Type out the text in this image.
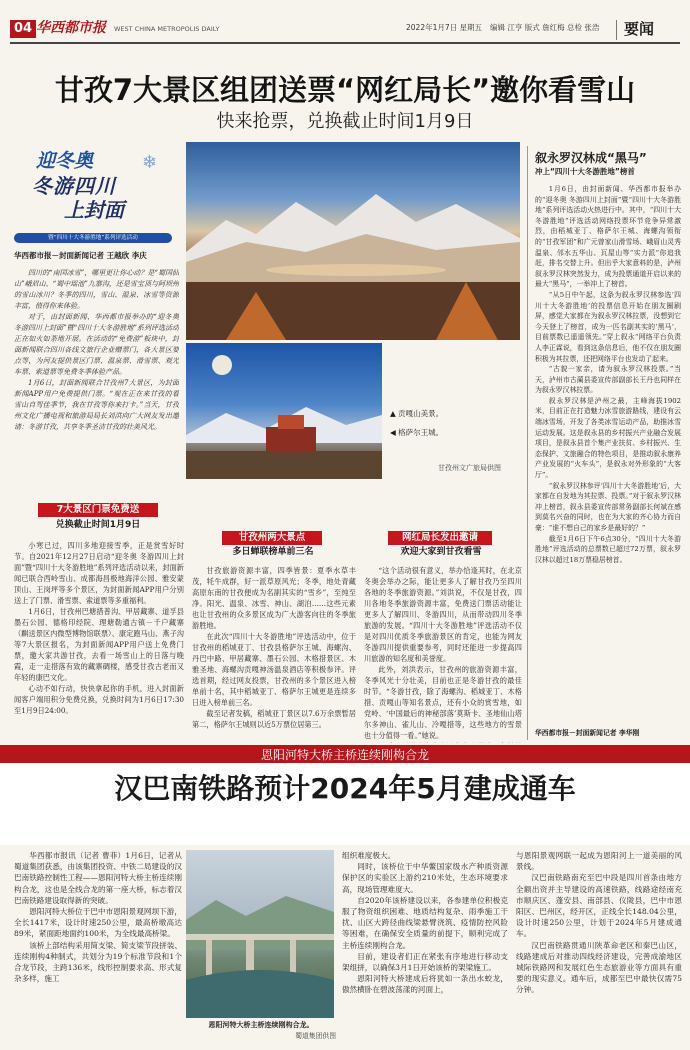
04 华西都市报 WEST CHINA METROPOLIS DAILY	2022年1月7日 星期五 编辑 江亨 版式 詹红梅 总检 张浩 要闻
甘孜7大景区组团送票“网红局长”邀你看雪山
快来抢票，兑换截止时间1月9日
迎冬奥
冬游四川
上封面
❄
暨“四川十大冬游胜地”系列评选活动
华西都市报－封面新闻记者 王越欣 李庆

四川的“南国冰雪”，哪里更让你心动？是“蜀国仙山”峨眉山、“蜀中瑶池”九寨沟，还是雪宝顶与阿坝州的雪山冰川？冬季的四川，雪山、温泉、冰雪等资源丰富，值得你来体验。

对于，由封面新闻、华西都市报举办的“迎冬奥 冬游四川上封面”暨“四川十大冬游胜地”系列评选活动正在如火如荼地开展。在活动的“免费游”板块中，封面新闻联合四川各线文旅行企业赠票门，各大景区要点等，为河友提供景区门票、温泉票、滑雪票、观光车票、索道票等免费冬季体验产品。

1月6日，封面新闻联合甘孜州7大景区，为封面新闻APP用户免费提供门票。“观在正在来甘孜的看雪山自驾佳季节，我在甘孜等你来打卡。”当天，甘孜州文化广播电视和旅游局局长刘洪向广大网友发出邀请：冬游甘孜，共享冬季圣洁甘孜的壮美风光。

▲ 贡嘎山美景。
◀ 格萨尔王城。
甘孜州文广旅局供图
7大景区门票免费送
兑换截止时间1月9日

小寒已过，四川多地迎接雪季，正是赏雪好时节。自2021年12月27日启动“迎冬奥 冬游四川上封面”暨“四川十大冬游胜地”系列评选活动以来，封面新闻已联合西岭雪山、成都海昌极地海洋公园、雅安蒙顶山、王岗坪等多个景区，为封面新闻APP用户分别送上了门票、滑雪票、索道票等多重福利。

1月6日，甘孜州巴塘措普沟、甲居藏寨、道孚县墨石公园、德格印经院、理塘勒通古镇－千户藏寨（麒送景区内微型博物馆联票）、康定跑马山、燕子沟等7大景区报名，为封面新闻APP用户送上免费门票，邀大家共游甘孜，去看一场雪山上的日落与晚霞，走一走措落有致的藏寨碉楼，感受甘孜古老而又年轻的康巴文化。

心动不如行动，快快拿起你的手机，进入封面新闻客户端用积分免费兑换，兑换时间为1月6日17:30至1月9日24:00。

甘孜州两大景点
多日蝉联榜单前三名

甘孜旅游资源丰富，四季皆景：夏季水草丰茂，牦牛成群，好一派草原风光；冬季，地处青藏高原东南的甘孜便成为名副其实的“雪乡”，至纯至净。阳光、温泉、冰雪、神山、湖泊……这些元素也让甘孜州的众多景区成为广大游客向往的冬季旅游胜地。

在此次“四川十大冬游胜地”评选活动中，位于甘孜州的稻城亚丁、甘孜县格萨尔王城、海螺沟、丹巴中路、甲居藏寨、墨石公园、木格措景区、木雅圣地、海螺沟贡嘎神汤温泉酒店等积极参评。评选首期，经过网友投票，甘孜州的多个景区进入榜单前十名，其中稻城亚丁、格萨尔王城更是连续多日进入榜单前三名。

截至记者发稿，稻城亚丁景区以7.6万余票暂居第二，格萨尔王城则以近5万票位居第三。

网红局长发出邀请
欢迎大家到甘孜看雪

“这个活动很有意义，举办恰逢其时，在北京冬奥会举办之际，能让更多人了解甘孜乃至四川各地的冬季旅游资源。”刘洪说，不仅是甘孜，四川各地冬季旅游资源丰富，免费送门票活动能让更多人了解四川、冬游四川，从而带动四川冬季旅游的发展。“四川十大冬游胜地”评选活动不仅是对四川优质冬季旅游景区的肯定，也能为网友冬游四川提供重要参考，同时还能进一步提高四川旅游的知名度和美誉度。

此外，刘洪表示，甘孜州的旅游资源丰富，冬季风光十分壮美，目前也正是冬游甘孜的最佳时节。“冬游甘孜，除了海螺沟、稻城亚丁、木格措、贡嘎山等知名景点，还有小众的赏雪地，如党岭、‘中国最后的神秘部落’莫斯卡、圣地仙山塔尔多神山、雀儿山、冷嘎措等，这些地方的雪景也十分值得一看。”她说。

叙永罗汉林成“黑马”
冲上“四川十大冬游胜地”榜首

1月6日，由封面新闻、华西都市报举办的“迎冬奥 冬游四川上封面”暨“四川十大冬游胜地”系列评选活动火热进行中。其中，“四川十大冬游胜地”评选活动网络投票环节竞争异常激烈，由稻城亚丁、格萨尔王城、海螺沟领衔的“甘孜军团”和广元曾家山滑雪场、峨眉山灵秀温泉、邻水五华山、瓦屋山等“实力派”你追我赶，排名交替上升。但出乎大家意料的是，泸州叙永罗汉林突然发力，成为投票通道开启以来的最大“黑马”，一举冲上了榜首。

“从5日中午起，这条为叙永罗汉林参选‘四川十大冬游胜地’的投票信息开始在朋友圈刷屏，感觉大家都在为叙永罗汉林拉票，没想到它今天登上了榜首，成为一匹名副其实的‘黑马’，目前票数已遥遥领先。”穿上叙永“网络平台负责人李正霖说，看到这条信息后，他不仅在朋友圈积极为其拉票，还把网络平台也发动了起来。

“古貌一家亲，请为叙永罗汉林投票。”当天，泸州市古蔺县委宣传部副部长王丹也同样在为叙永罗汉林拉票。

叙永罗汉林是泸州之最，主峰海拔1902米，目前正在打造魅力冰雪旅游路线，建设有云端冰雪场，开发了各类冰雪运动产品，助推冰雪运动发展。这是叙永县的乡村振兴产业融合发展项目，是叙永县首个集产业扶贫、乡村振兴、生态保护、文旅融合的特色项目，是推动叙永康养产业发展的“火车头”，是叙永对外形象的“大客厅”。

“叙永罗汉林参评‘四川十大冬游胜地’后，大家都在自发地为其拉票、投票。”对于叙永罗汉林冲上榜首，叙永县委宣传部常务副部长何斌在感到莫名兴奋的同时，也在为大家的齐心协力而自豪：“谁不想自己的家乡是最好的？”

截至1月6日下午6点30分，“四川十大冬游胜地”评选活动的总票数已超过72万票，叙永罗汉林以超过18万票稳居榜首。

华西都市报－封面新闻记者 李华刚
恩阳河特大桥主桥连续刚构合龙
汉巴南铁路预计2024年5月建成通车

华西都市报讯（记者 曹菲）1月6日，记者从蜀道集团获悉，由该集团投资、中铁二局建设的汉巴南铁路控制性工程——恩阳河特大桥主桥连续刚构合龙，这也是全线合龙的第一座大桥，标志着汉巴南铁路建设取得新的突破。

恩阳河特大桥位于巴中市恩阳景观网坝下游，全长1417米，设计时速250公里，最高桥墩高达89米，紧面距地面约100米，为全线最高桥梁。

该桥上部结构采用简支梁、简支梁节段拼装、连续刚构4种制式，共划分为19个标准节段和1个合龙节段，主跨136米，线形控制要求高、形式复杂多样，施工

恩阳河特大桥主桥连续刚构合龙。
蜀道集团供图

组织难度极大。

同时，该桥位于中华鳖国家级水产种质资源保护区的实验区上游约210米处，生态环境要求高，现场管理难度大。

自2020年该桥建设以来，各参建单位积极克服了物资组织困难、地质结构复杂、雨季施工干扰、山区大跨径曲线梁悬臂浇筑、疫情防控风险等困难，在确保安全质量的前提下，顺利完成了主桥连续刚构合龙。

目前，建设者们正在紧张有序地进行移动支架组拼，以确保3月1日开始该桥的架梁施工。

恩阳河特大桥建成后将犹如一条出水蛟龙，傲然横卧在碧波荡漾的河面上，

与恩阳景观网联一起成为恩阳河上一道美丽的风景线。

汉巴南铁路南充至巴中段是四川首条由地方全额出资并主导建设的高速铁路，线路途经南充市顺庆区、蓬安县、南部县、仪陇县，巴中市恩阳区、巴州区，经开区，正线全长148.04公里，设计时速250公里，计划于2024年5月建成通车。

汉巴南铁路贯通川陕革命老区和秦巴山区，线路建成后对推动四线经济建设，完善成渝地区城际铁路网和发展红色生态旅游业等方面具有重要的现实意义。通车后，成都至巴中最快仅需75分钟。
